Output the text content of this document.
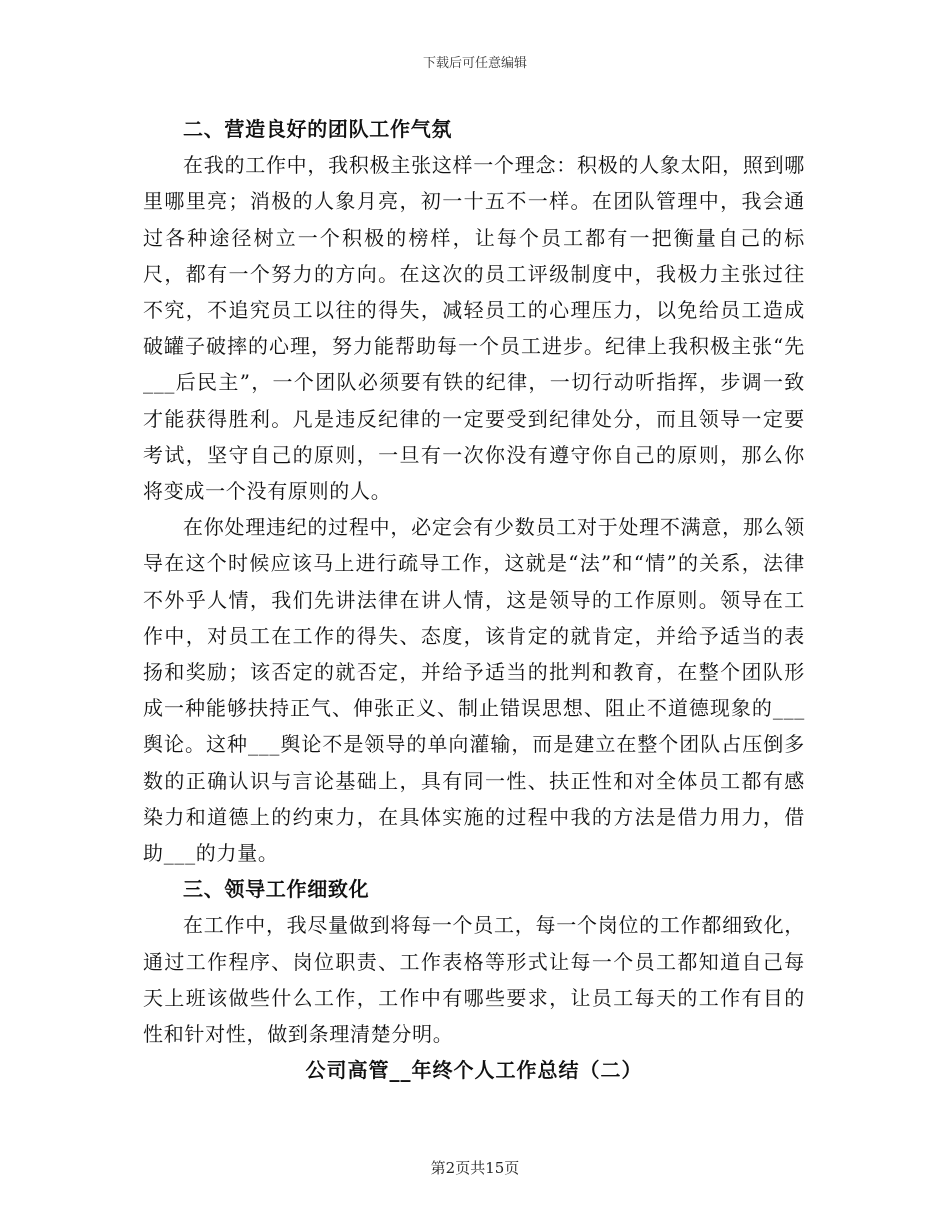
下载后可任意编辑
二、营造良好的团队工作气氛

在我的工作中，我积极主张这样一个理念：积极的人象太阳，照到哪里哪里亮；消极的人象月亮，初一十五不一样。在团队管理中，我会通过各种途径树立一个积极的榜样，让每个员工都有一把衡量自己的标尺，都有一个努力的方向。在这次的员工评级制度中，我极力主张过往不究，不追究员工以往的得失，减轻员工的心理压力，以免给员工造成破罐子破摔的心理，努力能帮助每一个员工进步。纪律上我积极主张“先___后民主”，一个团队必须要有铁的纪律，一切行动听指挥，步调一致才能获得胜利。凡是违反纪律的一定要受到纪律处分，而且领导一定要考试，坚守自己的原则，一旦有一次你没有遵守你自己的原则，那么你将变成一个没有原则的人。

在你处理违纪的过程中，必定会有少数员工对于处理不满意，那么领导在这个时候应该马上进行疏导工作，这就是“法”和“情”的关系，法律不外乎人情，我们先讲法律在讲人情，这是领导的工作原则。领导在工作中，对员工在工作的得失、态度，该肯定的就肯定，并给予适当的表扬和奖励；该否定的就否定，并给予适当的批判和教育，在整个团队形成一种能够扶持正气、伸张正义、制止错误思想、阻止不道德现象的___舆论。这种___舆论不是领导的单向灌输，而是建立在整个团队占压倒多数的正确认识与言论基础上，具有同一性、扶正性和对全体员工都有感染力和道德上的约束力，在具体实施的过程中我的方法是借力用力，借助___的力量。

三、领导工作细致化

在工作中，我尽量做到将每一个员工，每一个岗位的工作都细致化，通过工作程序、岗位职责、工作表格等形式让每一个员工都知道自己每天上班该做些什么工作，工作中有哪些要求，让员工每天的工作有目的性和针对性，做到条理清楚分明。

公司高管__年终个人工作总结（二）
第2页共15页
